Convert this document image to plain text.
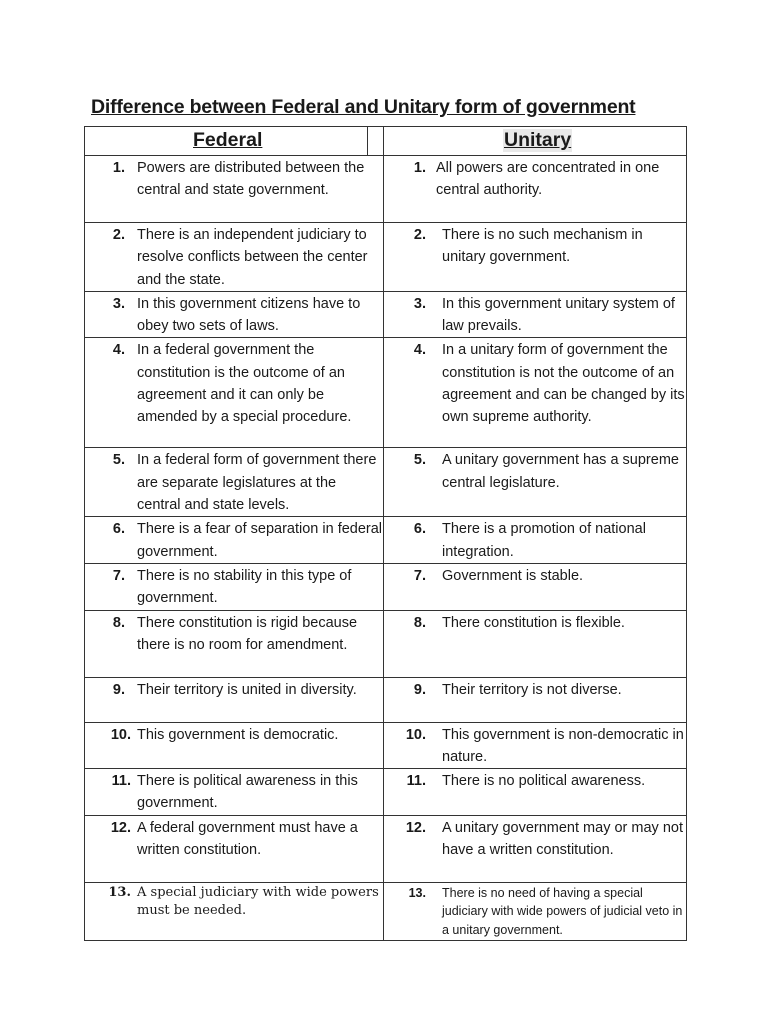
Difference between Federal and Unitary form of government
Federal	Unitary

1. Powers are distributed between the central and state government.	1. All powers are concentrated in one central authority.

2. There is an independent judiciary to resolve conflicts between the center and the state.	2. There is no such mechanism in unitary government.

3. In this government citizens have to obey two sets of laws.	3. In this government unitary system of law prevails.

4. In a federal government the constitution is the outcome of an agreement and it can only be amended by a special procedure.	4. In a unitary form of government the constitution is not the outcome of an agreement and can be changed by its own supreme authority.

5. In a federal form of government there are separate legislatures at the central and state levels.	5. A unitary government has a supreme central legislature.

6. There is a fear of separation in federal government.	6. There is a promotion of national integration.

7. There is no stability in this type of government.	7. Government is stable.

8. There constitution is rigid because there is no room for amendment.	8. There constitution is flexible.

9. Their territory is united in diversity.	9. Their territory is not diverse.

10. This government is democratic.	10. This government is non-democratic in nature.

11. There is political awareness in this government.	11. There is no political awareness.

12. A federal government must have a written constitution.	12. A unitary government may or may not have a written constitution.

13. A special judiciary with wide powers must be needed.	13. There is no need of having a special judiciary with wide powers of judicial veto in a unitary government.
